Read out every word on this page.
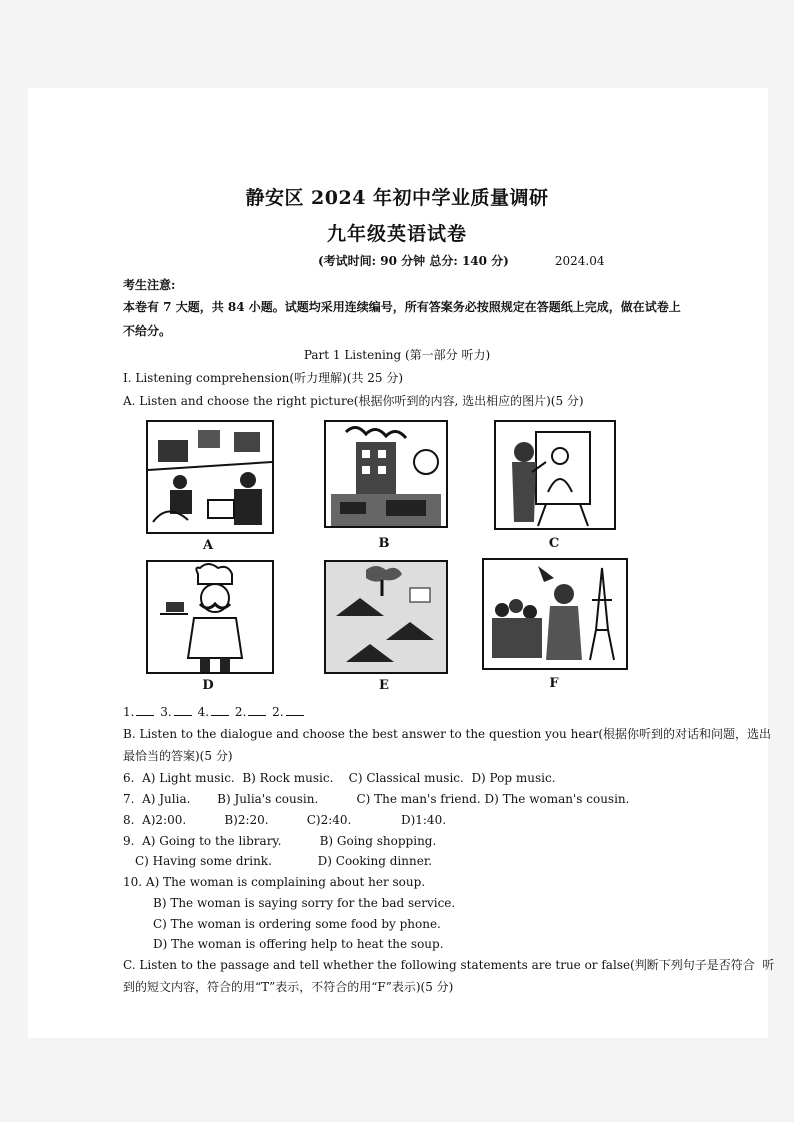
静安区 2024 年初中学业质量调研
九年级英语试卷
(考试时间: 90 分钟 总分: 140 分)	2024.04
考生注意:
本卷有 7 大题，共 84 小题。试题均采用连续编号，所有答案务必按照规定在答题纸上完成，做在试卷上
不给分。
Part 1 Listening (第一部分 听力)
I. Listening comprehension(听力理解)(共 25 分)
A. Listen and choose the right picture(根据你听到的内容, 选出相应的图片)(5 分)
A	B	C
D	E	F
1. 3. 4. 2. 2.
B. Listen to the dialogue and choose the best answer to the question you hear(根据你听到的对话和问题，选出
最恰当的答案)(5 分)
6.  A) Light music.  B) Rock music.    C) Classical music.  D) Pop music.
7.  A) Julia.       B) Julia's cousin.          C) The man's friend. D) The woman's cousin.
8.  A)2:00.          B)2:20.          C)2:40.             D)1:40.
9.  A) Going to the library.          B) Going shopping.
C) Having some drink.            D) Cooking dinner.
10. A) The woman is complaining about her soup.
B) The woman is saying sorry for the bad service.
C) The woman is ordering some food by phone.
D) The woman is offering help to heat the soup.
C. Listen to the passage and tell whether the following statements are true or false(判断下列句子是否符合  听
到的短文内容，符合的用“T”表示，不符合的用“F”表示)(5 分)
